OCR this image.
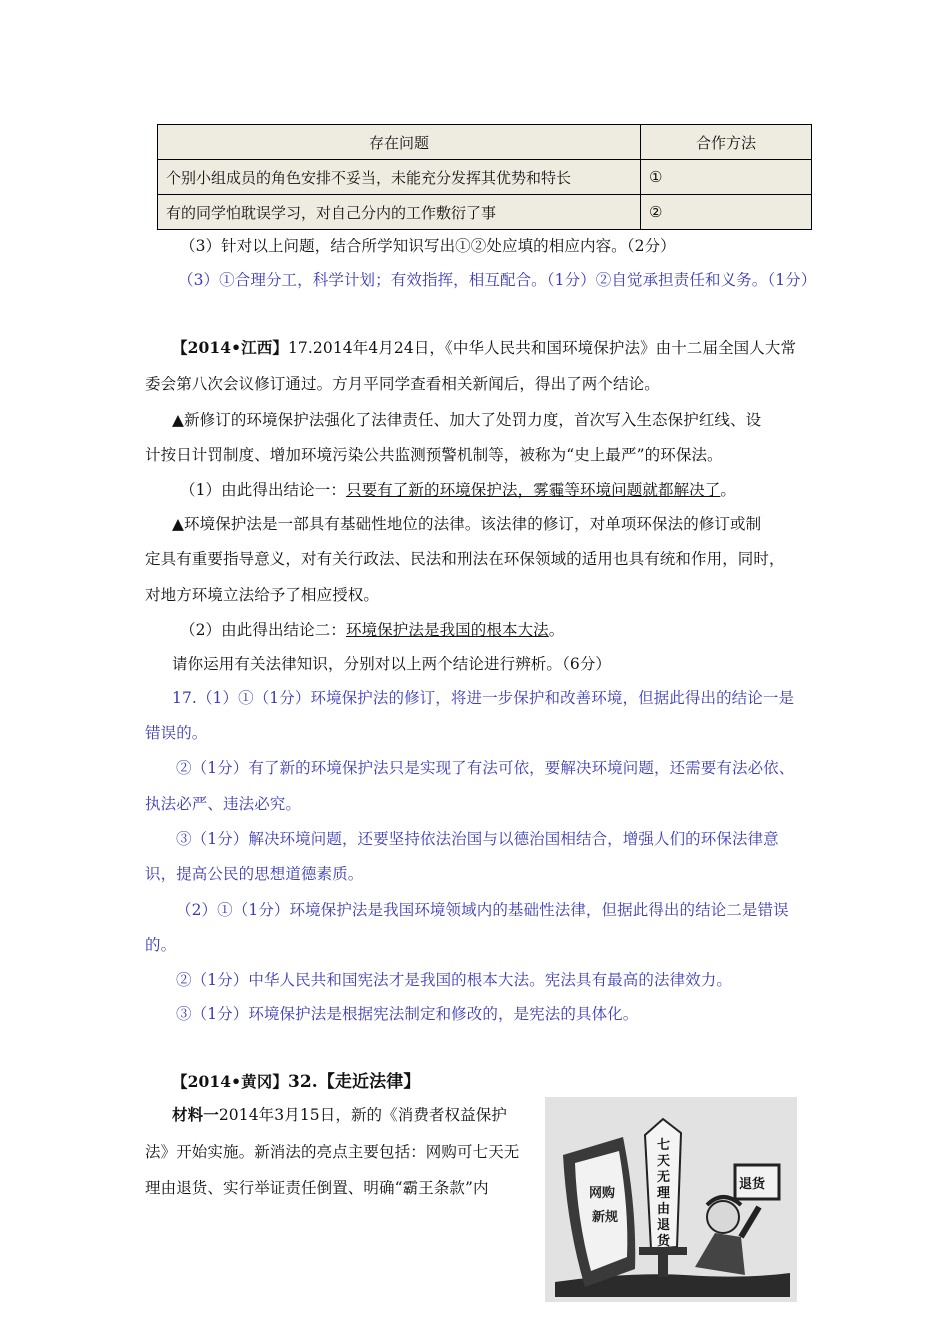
存在问题	合作方法
个别小组成员的角色安排不妥当，未能充分发挥其优势和特长	①
有的同学怕耽误学习，对自己分内的工作敷衍了事	②
（3）针对以上问题，结合所学知识写出①②处应填的相应内容。（2分）
（3）①合理分工，科学计划；有效指挥，相互配合。（1分）②自觉承担责任和义务。（1分）
【2014•江西】17.2014年4月24日，《中华人民共和国环境保护法》由十二届全国人大常
委会第八次会议修订通过。方月平同学查看相关新闻后，得出了两个结论。
▲新修订的环境保护法强化了法律责任、加大了处罚力度，首次写入生态保护红线、设
计按日计罚制度、增加环境污染公共监测预警机制等，被称为“史上最严”的环保法。
（1）由此得出结论一：只要有了新的环境保护法，雾霾等环境问题就都解决了。
▲环境保护法是一部具有基础性地位的法律。该法律的修订，对单项环保法的修订或制
定具有重要指导意义，对有关行政法、民法和刑法在环保领域的适用也具有统和作用，同时，
对地方环境立法给予了相应授权。
（2）由此得出结论二：环境保护法是我国的根本大法。
请你运用有关法律知识，分别对以上两个结论进行辨析。（6分）
17.（1）①（1分）环境保护法的修订，将进一步保护和改善环境，但据此得出的结论一是
错误的。
②（1分）有了新的环境保护法只是实现了有法可依，要解决环境问题，还需要有法必依、
执法必严、违法必究。
③（1分）解决环境问题，还要坚持依法治国与以德治国相结合，增强人们的环保法律意
识，提高公民的思想道德素质。
（2）①（1分）环境保护法是我国环境领域内的基础性法律，但据此得出的结论二是错误
的。
②（1分）中华人民共和国宪法才是我国的根本大法。宪法具有最高的法律效力。
③（1分）环境保护法是根据宪法制定和修改的，是宪法的具体化。
【2014•黄冈】32.【走近法律】
材料一2014年3月15日，新的《消费者权益保护
法》开始实施。新消法的亮点主要包括：网购可七天无
理由退货、实行举证责任倒置、明确“霸王条款”内	网购
新规
七 天 无 理 由 退 货
退货
